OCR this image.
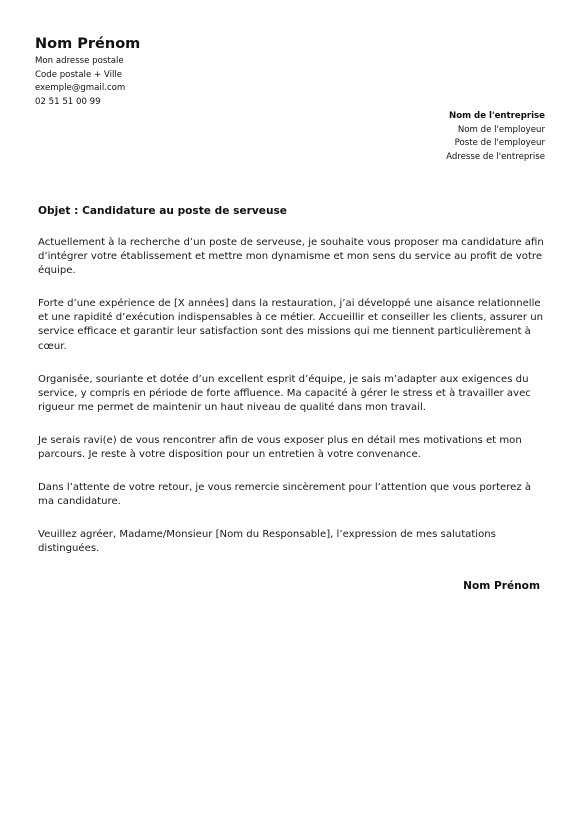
Nom Prénom
Mon adresse postale
Code postale + Ville
exemple@gmail.com
02 51 51 00 99
Nom de l'entreprise
Nom de l'employeur
Poste de l'employeur
Adresse de l'entreprise
Objet : Candidature au poste de serveuse

Actuellement à la recherche d’un poste de serveuse, je souhaite vous proposer ma candidature afin d’intégrer votre établissement et mettre mon dynamisme et mon sens du service au profit de votre équipe.

Forte d’une expérience de [X années] dans la restauration, j’ai développé une aisance relationnelle et une rapidité d’exécution indispensables à ce métier. Accueillir et conseiller les clients, assurer un service efficace et garantir leur satisfaction sont des missions qui me tiennent particulièrement à cœur.

Organisée, souriante et dotée d’un excellent esprit d’équipe, je sais m’adapter aux exigences du service, y compris en période de forte affluence. Ma capacité à gérer le stress et à travailler avec rigueur me permet de maintenir un haut niveau de qualité dans mon travail.

Je serais ravi(e) de vous rencontrer afin de vous exposer plus en détail mes motivations et mon parcours. Je reste à votre disposition pour un entretien à votre convenance.

Dans l’attente de votre retour, je vous remercie sincèrement pour l’attention que vous porterez à ma candidature.

Veuillez agréer, Madame/Monsieur [Nom du Responsable], l’expression de mes salutations distinguées.

Nom Prénom
